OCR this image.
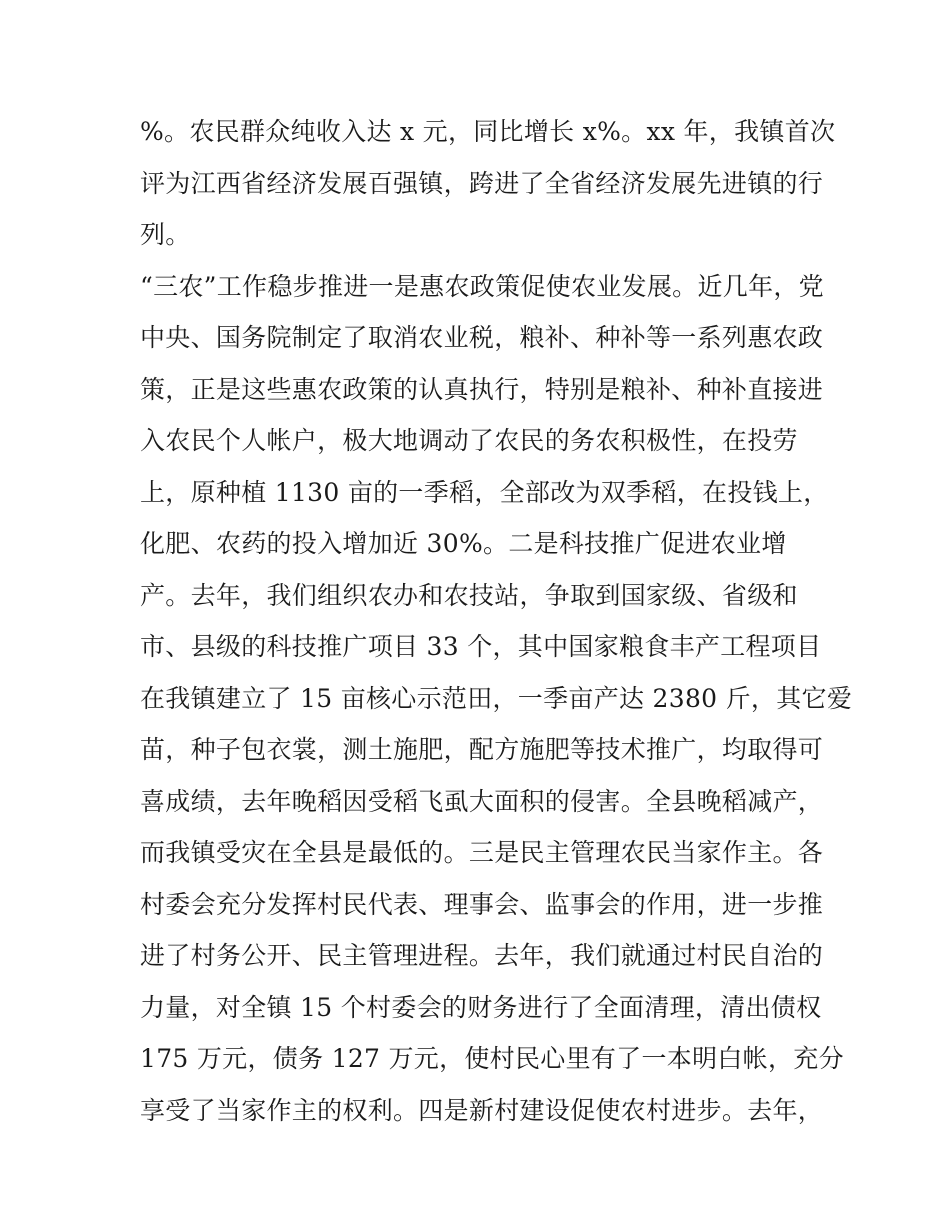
%。农民群众纯收入达 x 元，同比增长 x%。xx 年，我镇首次
评为江西省经济发展百强镇，跨进了全省经济发展先进镇的行
列。
“三农”工作稳步推进一是惠农政策促使农业发展。近几年，党
中央、国务院制定了取消农业税，粮补、种补等一系列惠农政
策，正是这些惠农政策的认真执行，特别是粮补、种补直接进
入农民个人帐户，极大地调动了农民的务农积极性，在投劳
上，原种植 1130 亩的一季稻，全部改为双季稻，在投钱上，
化肥、农药的投入增加近 30%。二是科技推广促进农业增
产。去年，我们组织农办和农技站，争取到国家级、省级和
市、县级的科技推广项目 33 个，其中国家粮食丰产工程项目
在我镇建立了 15 亩核心示范田，一季亩产达 2380 斤，其它爱
苗，种子包衣裳，测土施肥，配方施肥等技术推广，均取得可
喜成绩，去年晚稻因受稻飞虱大面积的侵害。全县晚稻减产，
而我镇受灾在全县是最低的。三是民主管理农民当家作主。各
村委会充分发挥村民代表、理事会、监事会的作用，进一步推
进了村务公开、民主管理进程。去年，我们就通过村民自治的
力量，对全镇 15 个村委会的财务进行了全面清理，清出债权
175 万元，债务 127 万元，使村民心里有了一本明白帐，充分
享受了当家作主的权利。四是新村建设促使农村进步。去年，
